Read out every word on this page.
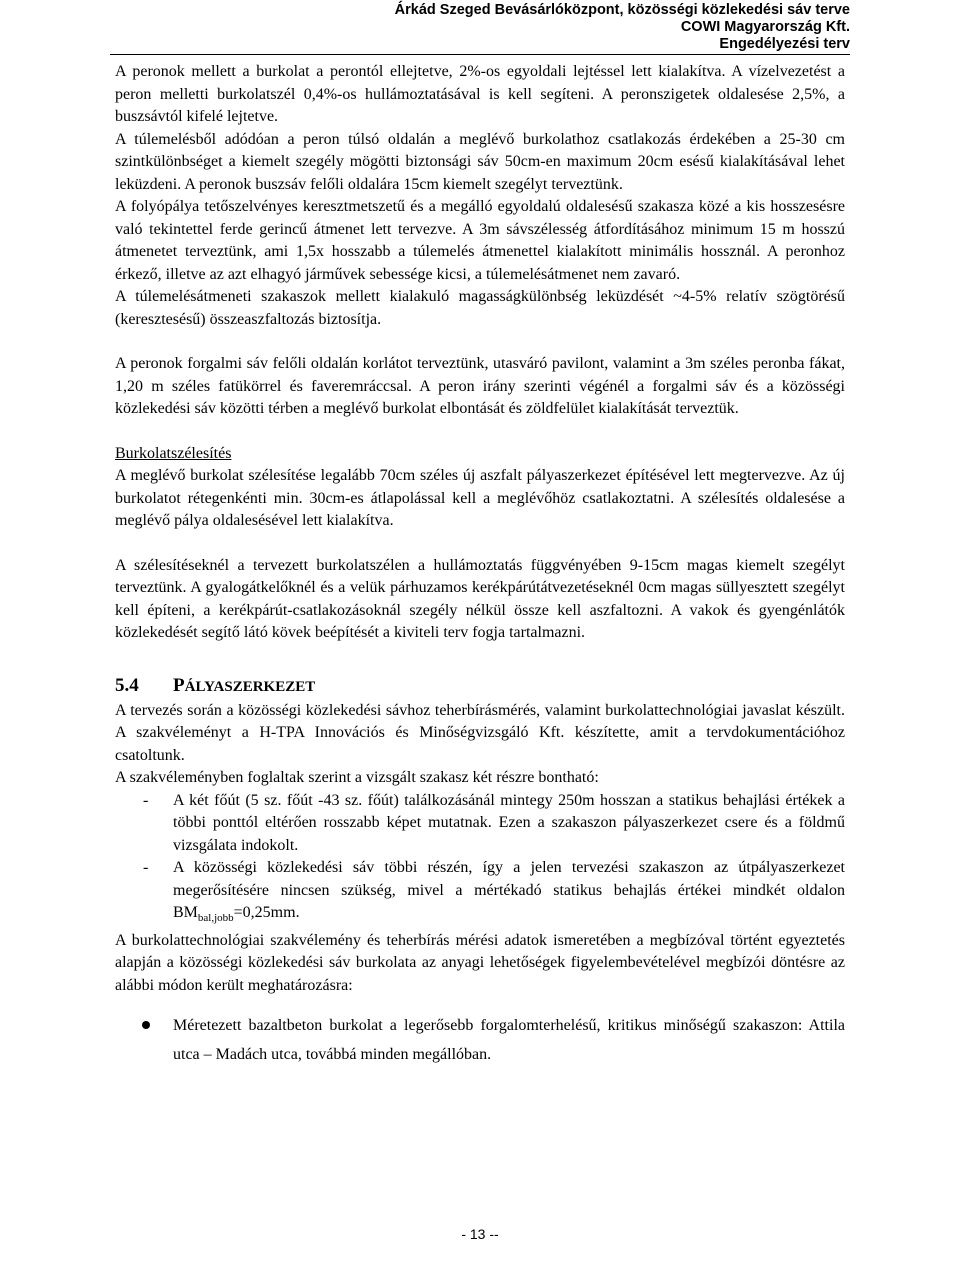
Árkád Szeged Bevásárlóközpont, közösségi közlekedési sáv terve
COWI Magyarország Kft.
Engedélyezési terv

A peronok mellett a burkolat a perontól ellejtetve, 2%-os egyoldali lejtéssel lett kialakítva. A vízelvezetést a peron melletti burkolatszél 0,4%-os hullámoztatásával is kell segíteni. A peronszigetek oldalesése 2,5%, a buszsávtól kifelé lejtetve.

A túlemelésből adódóan a peron túlsó oldalán a meglévő burkolathoz csatlakozás érdekében a 25-30 cm szintkülönbséget a kiemelt szegély mögötti biztonsági sáv 50cm-en maximum 20cm esésű kialakításával lehet leküzdeni. A peronok buszsáv felőli oldalára 15cm kiemelt szegélyt terveztünk.

A folyópálya tetőszelvényes keresztmetszetű és a megálló egyoldalú oldalesésű szakasza közé a kis hosszesésre való tekintettel ferde gerincű átmenet lett tervezve. A 3m sávszélesség átfordításához minimum 15 m hosszú átmenetet terveztünk, ami 1,5x hosszabb a túlemelés átmenettel kialakított minimális hossznál. A peronhoz érkező, illetve az azt elhagyó járművek sebessége kicsi, a túlemelésátmenet nem zavaró.

A túlemelésátmeneti szakaszok mellett kialakuló magasságkülönbség leküzdését ~4-5% relatív szögtörésű (keresztesésű) összeaszfaltozás biztosítja.

A peronok forgalmi sáv felőli oldalán korlátot terveztünk, utasváró pavilont, valamint a 3m széles peronba fákat, 1,20 m széles fatükörrel és faveremráccsal. A peron irány szerinti végénél a forgalmi sáv és a közösségi közlekedési sáv közötti térben a meglévő burkolat elbontását és zöldfelület kialakítását terveztük.

Burkolatszélesítés

A meglévő burkolat szélesítése legalább 70cm széles új aszfalt pályaszerkezet építésével lett megtervezve. Az új burkolatot rétegenkénti min. 30cm-es átlapolással kell a meglévőhöz csatlakoztatni. A szélesítés oldalesése a meglévő pálya oldalesésével lett kialakítva.

A szélesítéseknél a tervezett burkolatszélen a hullámoztatás függvényében 9-15cm magas kiemelt szegélyt terveztünk. A gyalogátkelőknél és a velük párhuzamos kerékpárútátvezetéseknél 0cm magas süllyesztett szegélyt kell építeni, a kerékpárút-csatlakozásoknál szegély nélkül össze kell aszfaltozni. A vakok és gyengénlátók közlekedését segítő látó kövek beépítését a kiviteli terv fogja tartalmazni.

5.4	PÁLYASZERKEZET

A tervezés során a közösségi közlekedési sávhoz teherbírásmérés, valamint burkolattechnológiai javaslat készült. A szakvéleményt a H-TPA Innovációs és Minőségvizsgáló Kft. készítette, amit a tervdokumentációhoz csatoltunk.

A szakvéleményben foglaltak szerint a vizsgált szakasz két részre bontható:

- A két főút (5 sz. főút -43 sz. főút) találkozásánál mintegy 250m hosszan a statikus behajlási értékek a többi ponttól eltérően rosszabb képet mutatnak. Ezen a szakaszon pályaszerkezet csere és a földmű vizsgálata indokolt.
- A közösségi közlekedési sáv többi részén, így a jelen tervezési szakaszon az útpályaszerkezet megerősítésére nincsen szükség, mivel a mértékadó statikus behajlás értékei mindkét oldalon $BM_{bal,jobb}=0,25mm$.

A burkolattechnológiai szakvélemény és teherbírás mérési adatok ismeretében a megbízóval történt egyeztetés alapján a közösségi közlekedési sáv burkolata az anyagi lehetőségek figyelembevételével megbízói döntésre az alábbi módon került meghatározásra:

Méretezett bazaltbeton burkolat a legerősebb forgalomterhelésű, kritikus minőségű szakaszon: Attila utca – Madách utca, továbbá minden megállóban.
- 13 --
